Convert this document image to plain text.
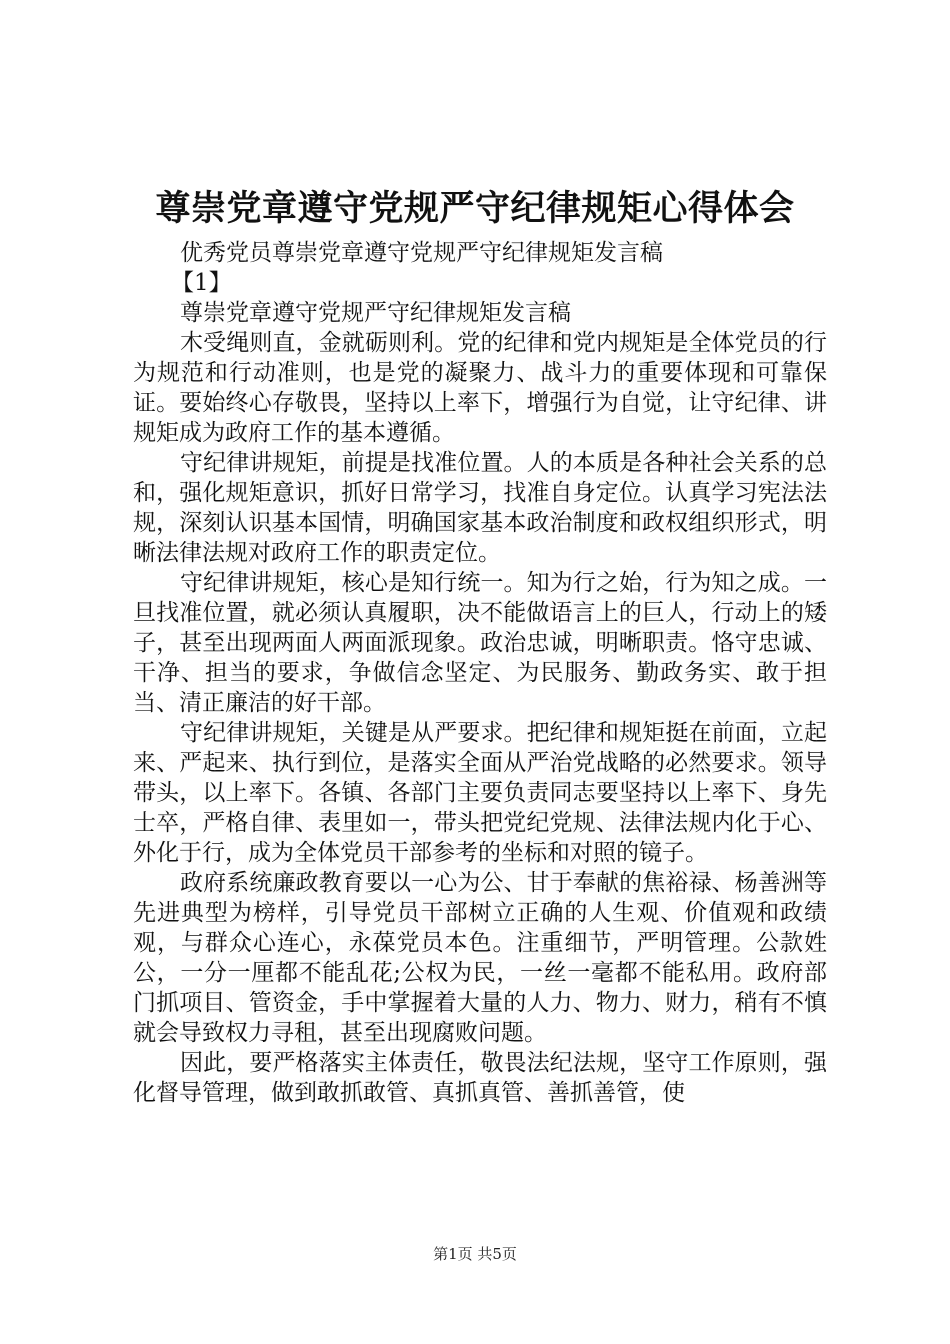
尊崇党章遵守党规严守纪律规矩心得体会

优秀党员尊崇党章遵守党规严守纪律规矩发言稿

【1】

尊崇党章遵守党规严守纪律规矩发言稿

木受绳则直，金就砺则利。党的纪律和党内规矩是全体党员的行为规范和行动准则，也是党的凝聚力、战斗力的重要体现和可靠保证。要始终心存敬畏，坚持以上率下，增强行为自觉，让守纪律、讲规矩成为政府工作的基本遵循。

守纪律讲规矩，前提是找准位置。人的本质是各种社会关系的总和，强化规矩意识，抓好日常学习，找准自身定位。认真学习宪法法规，深刻认识基本国情，明确国家基本政治制度和政权组织形式，明晰法律法规对政府工作的职责定位。

守纪律讲规矩，核心是知行统一。知为行之始，行为知之成。一旦找准位置，就必须认真履职，决不能做语言上的巨人，行动上的矮子，甚至出现两面人两面派现象。政治忠诚，明晰职责。恪守忠诚、干净、担当的要求，争做信念坚定、为民服务、勤政务实、敢于担当、清正廉洁的好干部。

守纪律讲规矩，关键是从严要求。把纪律和规矩挺在前面，立起来、严起来、执行到位，是落实全面从严治党战略的必然要求。领导带头，以上率下。各镇、各部门主要负责同志要坚持以上率下、身先士卒，严格自律、表里如一，带头把党纪党规、法律法规内化于心、外化于行，成为全体党员干部参考的坐标和对照的镜子。

政府系统廉政教育要以一心为公、甘于奉献的焦裕禄、杨善洲等先进典型为榜样，引导党员干部树立正确的人生观、价值观和政绩观，与群众心连心，永葆党员本色。注重细节，严明管理。公款姓公，一分一厘都不能乱花;公权为民，一丝一毫都不能私用。政府部门抓项目、管资金，手中掌握着大量的人力、物力、财力，稍有不慎就会导致权力寻租，甚至出现腐败问题。

因此，要严格落实主体责任，敬畏法纪法规，坚守工作原则，强化督导管理，做到敢抓敢管、真抓真管、善抓善管，使

第1页 共5页
